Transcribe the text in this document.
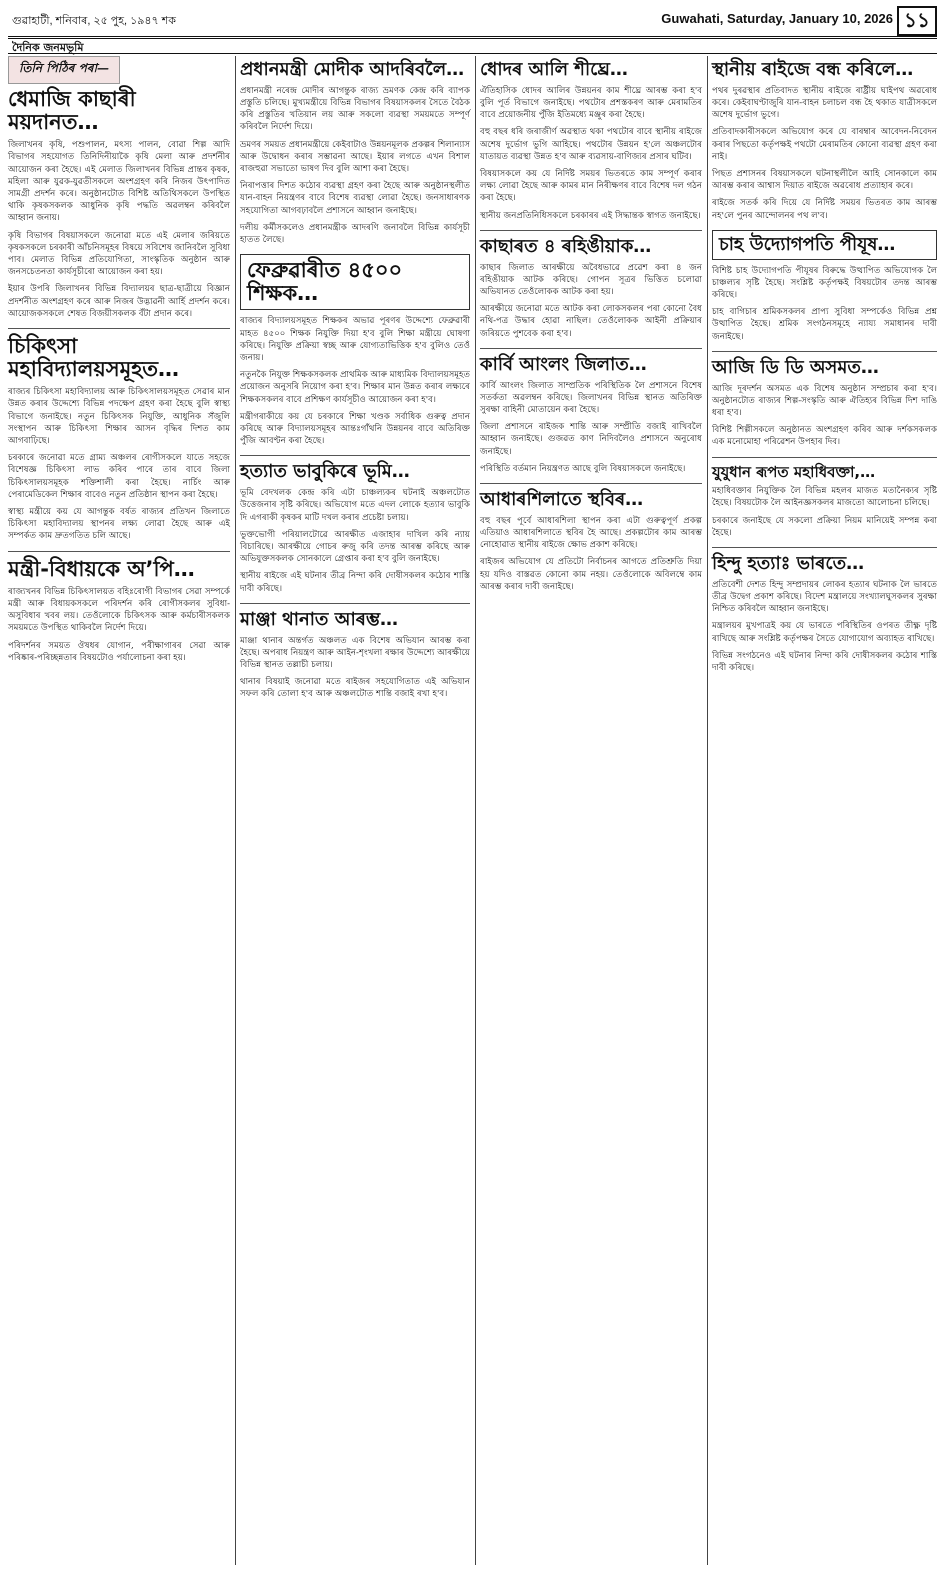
গুৱাহাটী, শনিবাৰ, ২৫ পুহ, ১৯৪৭ শক	Guwahati, Saturday, January 10, 2026 ১১
দৈনিক জনমভূমি
তিনি পিঠিৰ পৰা—
ধেমাজি কাছাৰী ময়দানত…

জিলাখনৰ কৃষি, পশুপালন, মৎস্য পালন, বোৱা শিল্প আদি বিভাগৰ সহযোগত তিনিদিনীয়াকৈ কৃষি মেলা আৰু প্ৰদৰ্শনীৰ আয়োজন কৰা হৈছে। এই মেলাত জিলাখনৰ বিভিন্ন প্ৰান্তৰ কৃষক, মহিলা আৰু যুৱক-যুৱতীসকলে অংশগ্ৰহণ কৰি নিজৰ উৎপাদিত সামগ্ৰী প্ৰদৰ্শন কৰে। অনুষ্ঠানটোত বিশিষ্ট অতিথিসকলে উপস্থিত থাকি কৃষকসকলক আধুনিক কৃষি পদ্ধতি অৱলম্বন কৰিবলৈ আহ্বান জনায়।

কৃষি বিভাগৰ বিষয়াসকলে জনোৱা মতে এই মেলাৰ জৰিয়তে কৃষকসকলে চৰকাৰী আঁচনিসমূহৰ বিষয়ে সবিশেষ জানিবলৈ সুবিধা পাব। মেলাত বিভিন্ন প্ৰতিযোগিতা, সাংস্কৃতিক অনুষ্ঠান আৰু জনসচেতনতা কাৰ্যসূচীৰো আয়োজন কৰা হয়।

ইয়াৰ উপৰি জিলাখনৰ বিভিন্ন বিদ্যালয়ৰ ছাত্ৰ-ছাত্ৰীয়ে বিজ্ঞান প্ৰদৰ্শনীত অংশগ্ৰহণ কৰে আৰু নিজৰ উদ্ভাৱনী আৰ্হি প্ৰদৰ্শন কৰে। আয়োজকসকলে শেষত বিজয়ীসকলক বঁটা প্ৰদান কৰে।

চিকিৎসা মহাবিদ্যালয়সমূহত…

ৰাজ্যৰ চিকিৎসা মহাবিদ্যালয় আৰু চিকিৎসালয়সমূহত সেৱাৰ মান উন্নত কৰাৰ উদ্দেশ্যে বিভিন্ন পদক্ষেপ গ্ৰহণ কৰা হৈছে বুলি স্বাস্থ্য বিভাগে জনাইছে। নতুন চিকিৎসক নিযুক্তি, আধুনিক সঁজুলি সংস্থাপন আৰু চিকিৎসা শিক্ষাৰ আসন বৃদ্ধিৰ দিশত কাম আগবাঢ়িছে।

চৰকাৰে জনোৱা মতে গ্ৰাম্য অঞ্চলৰ ৰোগীসকলে যাতে সহজে বিশেষজ্ঞ চিকিৎসা লাভ কৰিব পাৰে তাৰ বাবে জিলা চিকিৎসালয়সমূহক শক্তিশালী কৰা হৈছে। নাৰ্চিং আৰু পেৰামেডিকেল শিক্ষাৰ বাবেও নতুন প্ৰতিষ্ঠান স্থাপন কৰা হৈছে।

স্বাস্থ্য মন্ত্ৰীয়ে কয় যে আগন্তুক বৰ্ষত ৰাজ্যৰ প্ৰতিখন জিলাতে চিকিৎসা মহাবিদ্যালয় স্থাপনৰ লক্ষ্য লোৱা হৈছে আৰু এই সম্পৰ্কত কাম দ্ৰুতগতিত চলি আছে।

মন্ত্ৰী-বিধায়কে অ’পি…

ৰাজ্যখনৰ বিভিন্ন চিকিৎসালয়ত বহিঃৰোগী বিভাগৰ সেৱা সম্পৰ্কে মন্ত্ৰী আৰু বিধায়কসকলে পৰিদৰ্শন কৰি ৰোগীসকলৰ সুবিধা-অসুবিধাৰ খবৰ লয়। তেওঁলোকে চিকিৎসক আৰু কৰ্মচাৰীসকলক সময়মতে উপস্থিত থাকিবলৈ নিৰ্দেশ দিয়ে।

পৰিদৰ্শনৰ সময়ত ঔষধৰ যোগান, পৰীক্ষাগাৰৰ সেৱা আৰু পৰিষ্কাৰ-পৰিচ্ছন্নতাৰ বিষয়টোও পৰ্যালোচনা কৰা হয়।

প্ৰধানমন্ত্ৰী মোদীক আদৰিবলৈ…

প্ৰধানমন্ত্ৰী নৰেন্দ্ৰ মোদীৰ আগন্তুক ৰাজ্য ভ্ৰমণক কেন্দ্ৰ কৰি ব্যাপক প্ৰস্তুতি চলিছে। মুখ্যমন্ত্ৰীয়ে বিভিন্ন বিভাগৰ বিষয়াসকলৰ সৈতে বৈঠক কৰি প্ৰস্তুতিৰ খতিয়ান লয় আৰু সকলো ব্যৱস্থা সময়মতে সম্পূৰ্ণ কৰিবলৈ নিৰ্দেশ দিয়ে।

ভ্ৰমণৰ সময়ত প্ৰধানমন্ত্ৰীয়ে কেইবাটাও উন্নয়নমূলক প্ৰকল্পৰ শিলান্যাস আৰু উদ্বোধন কৰাৰ সম্ভাৱনা আছে। ইয়াৰ লগতে এখন বিশাল ৰাজহুৱা সভাতো ভাষণ দিব বুলি আশা কৰা হৈছে।

নিৰাপত্তাৰ দিশত কঠোৰ ব্যৱস্থা গ্ৰহণ কৰা হৈছে আৰু অনুষ্ঠানস্থলীত যান-বাহন নিয়ন্ত্ৰণৰ বাবে বিশেষ ব্যৱস্থা লোৱা হৈছে। জনসাধাৰণক সহযোগিতা আগবঢ়াবলৈ প্ৰশাসনে আহ্বান জনাইছে।

দলীয় কৰ্মীসকলেও প্ৰধানমন্ত্ৰীক আদৰণি জনাবলৈ বিভিন্ন কাৰ্যসূচী হাতত লৈছে।

ফেব্ৰুৱাৰীত ৪৫০০ শিক্ষক…

ৰাজ্যৰ বিদ্যালয়সমূহত শিক্ষকৰ অভাৱ পূৰণৰ উদ্দেশ্যে ফেব্ৰুৱাৰী মাহত ৪৫০০ শিক্ষক নিযুক্তি দিয়া হ'ব বুলি শিক্ষা মন্ত্ৰীয়ে ঘোষণা কৰিছে। নিযুক্তি প্ৰক্ৰিয়া স্বচ্ছ আৰু যোগ্যতাভিত্তিক হ'ব বুলিও তেওঁ জনায়।

নতুনকৈ নিযুক্ত শিক্ষকসকলক প্ৰাথমিক আৰু মাধ্যমিক বিদ্যালয়সমূহত প্ৰয়োজন অনুসৰি নিয়োগ কৰা হ'ব। শিক্ষাৰ মান উন্নত কৰাৰ লক্ষ্যৰে শিক্ষকসকলৰ বাবে প্ৰশিক্ষণ কাৰ্যসূচীও আয়োজন কৰা হ'ব।

মন্ত্ৰীগৰাকীয়ে কয় যে চৰকাৰে শিক্ষা খণ্ডক সৰ্বাধিক গুৰুত্ব প্ৰদান কৰিছে আৰু বিদ্যালয়সমূহৰ আন্তঃগাঁথনি উন্নয়নৰ বাবে অতিৰিক্ত পুঁজি আবণ্টন কৰা হৈছে।

হত্যাত ভাবুকিৰে ভূমি…

ভূমি বেদখলক কেন্দ্ৰ কৰি এটা চাঞ্চল্যকৰ ঘটনাই অঞ্চলটোত উত্তেজনাৰ সৃষ্টি কৰিছে। অভিযোগ মতে এদল লোকে হত্যাৰ ভাবুকি দি এগৰাকী কৃষকৰ মাটি দখল কৰাৰ প্ৰচেষ্টা চলায়।

ভুক্তভোগী পৰিয়ালটোৱে আৰক্ষীত এজাহাৰ দাখিল কৰি ন্যায় বিচাৰিছে। আৰক্ষীয়ে গোচৰ ৰুজু কৰি তদন্ত আৰম্ভ কৰিছে আৰু অভিযুক্তসকলক সোনকালে গ্ৰেপ্তাৰ কৰা হ'ব বুলি জনাইছে।

স্থানীয় ৰাইজে এই ঘটনাৰ তীব্ৰ নিন্দা কৰি দোষীসকলৰ কঠোৰ শাস্তি দাবী কৰিছে।

মাঞ্জা থানাত আৰম্ভ…

মাঞ্জা থানাৰ অন্তৰ্গত অঞ্চলত এক বিশেষ অভিযান আৰম্ভ কৰা হৈছে। অপৰাধ নিয়ন্ত্ৰণ আৰু আইন-শৃংখলা ৰক্ষাৰ উদ্দেশ্যে আৰক্ষীয়ে বিভিন্ন স্থানত তল্লাচী চলায়।

থানাৰ বিষয়াই জনোৱা মতে ৰাইজৰ সহযোগিতাত এই অভিযান সফল কৰি তোলা হ'ব আৰু অঞ্চলটোত শান্তি বজাই ৰখা হ'ব।

ধোদৰ আলি শীঘ্ৰে…

ঐতিহাসিক ধোদৰ আলিৰ উন্নয়নৰ কাম শীঘ্ৰে আৰম্ভ কৰা হ'ব বুলি পূৰ্ত বিভাগে জনাইছে। পথটোৰ প্ৰশস্তকৰণ আৰু মেৰামতিৰ বাবে প্ৰয়োজনীয় পুঁজি ইতিমধ্যে মঞ্জুৰ কৰা হৈছে।

বহু বছৰ ধৰি জৰাজীৰ্ণ অৱস্থাত থকা পথটোৰ বাবে স্থানীয় ৰাইজে অশেষ দুৰ্ভোগ ভুগি আহিছে। পথটোৰ উন্নয়ন হ'লে অঞ্চলটোৰ যাতায়ত ব্যৱস্থা উন্নত হ'ব আৰু ব্যৱসায়-বাণিজ্যৰ প্ৰসাৰ ঘটিব।

বিষয়াসকলে কয় যে নিৰ্দিষ্ট সময়ৰ ভিতৰতে কাম সম্পূৰ্ণ কৰাৰ লক্ষ্য লোৱা হৈছে আৰু কামৰ মান নিৰীক্ষণৰ বাবে বিশেষ দল গঠন কৰা হৈছে।

স্থানীয় জনপ্ৰতিনিধিসকলে চৰকাৰৰ এই সিদ্ধান্তক স্বাগত জনাইছে।

কাছাৰত ৪ ৰহিঙীয়াক…

কাছাৰ জিলাত আৰক্ষীয়ে অবৈধভাৱে প্ৰৱেশ কৰা ৪ জন ৰহিঙীয়াক আটক কৰিছে। গোপন সূত্ৰৰ ভিত্তিত চলোৱা অভিযানত তেওঁলোকক আটক কৰা হয়।

আৰক্ষীয়ে জনোৱা মতে আটক কৰা লোকসকলৰ পৰা কোনো বৈধ নথি-পত্ৰ উদ্ধাৰ হোৱা নাছিল। তেওঁলোকক আইনী প্ৰক্ৰিয়াৰ জৰিয়তে পুশবেক কৰা হ'ব।

কাৰ্বি আংলং জিলাত…

কাৰ্বি আংলং জিলাত সাম্প্ৰতিক পৰিস্থিতিক লৈ প্ৰশাসনে বিশেষ সতৰ্কতা অৱলম্বন কৰিছে। জিলাখনৰ বিভিন্ন স্থানত অতিৰিক্ত সুৰক্ষা বাহিনী মোতায়েন কৰা হৈছে।

জিলা প্ৰশাসনে ৰাইজক শান্তি আৰু সম্প্ৰীতি বজাই ৰাখিবলৈ আহ্বান জনাইছে। গুজৱত কাণ নিদিবলৈও প্ৰশাসনে অনুৰোধ জনাইছে।

পৰিস্থিতি বৰ্তমান নিয়ন্ত্ৰণত আছে বুলি বিষয়াসকলে জনাইছে।

আধাৰশিলাতে স্থবিৰ…

বহু বছৰ পূৰ্বে আধাৰশিলা স্থাপন কৰা এটা গুৰুত্বপূৰ্ণ প্ৰকল্প এতিয়াও আধাৰশিলাতে স্থবিৰ হৈ আছে। প্ৰকল্পটোৰ কাম আৰম্ভ নোহোৱাত স্থানীয় ৰাইজে ক্ষোভ প্ৰকাশ কৰিছে।

ৰাইজৰ অভিযোগ যে প্ৰতিটো নিৰ্বাচনৰ আগতে প্ৰতিশ্ৰুতি দিয়া হয় যদিও বাস্তৱত কোনো কাম নহয়। তেওঁলোকে অবিলম্বে কাম আৰম্ভ কৰাৰ দাবী জনাইছে।

স্থানীয় ৰাইজে বন্ধ কৰিলে…

পথৰ দুৰৱস্থাৰ প্ৰতিবাদত স্থানীয় ৰাইজে ৰাষ্ট্ৰীয় ঘাইপথ অৱৰোধ কৰে। কেইবাঘণ্টাজুৰি যান-বাহন চলাচল বন্ধ হৈ থকাত যাত্ৰীসকলে অশেষ দুৰ্ভোগ ভুগে।

প্ৰতিবাদকাৰীসকলে অভিযোগ কৰে যে বাৰম্বাৰ আবেদন-নিবেদন কৰাৰ পিছতো কৰ্তৃপক্ষই পথটো মেৰামতিৰ কোনো ব্যৱস্থা গ্ৰহণ কৰা নাই।

পিছত প্ৰশাসনৰ বিষয়াসকলে ঘটনাস্থলীলৈ আহি সোনকালে কাম আৰম্ভ কৰাৰ আশ্বাস দিয়াত ৰাইজে অৱৰোধ প্ৰত্যাহাৰ কৰে।

ৰাইজে সতৰ্ক কৰি দিয়ে যে নিৰ্দিষ্ট সময়ৰ ভিতৰত কাম আৰম্ভ নহ'লে পুনৰ আন্দোলনৰ পথ ল'ব।

চাহ উদ্যোগপতি পীযূষ…

বিশিষ্ট চাহ উদ্যোগপতি পীযূষৰ বিৰুদ্ধে উত্থাপিত অভিযোগক লৈ চাঞ্চল্যৰ সৃষ্টি হৈছে। সংশ্লিষ্ট কৰ্তৃপক্ষই বিষয়টোৰ তদন্ত আৰম্ভ কৰিছে।

চাহ বাগিচাৰ শ্ৰমিকসকলৰ প্ৰাপ্য সুবিধা সম্পৰ্কেও বিভিন্ন প্ৰশ্ন উত্থাপিত হৈছে। শ্ৰমিক সংগঠনসমূহে ন্যায্য সমাধানৰ দাবী জনাইছে।

আজি ডি ডি অসমত…

আজি দূৰদৰ্শন অসমত এক বিশেষ অনুষ্ঠান সম্প্ৰচাৰ কৰা হ'ব। অনুষ্ঠানটোত ৰাজ্যৰ শিল্প-সংস্কৃতি আৰু ঐতিহ্যৰ বিভিন্ন দিশ দাঙি ধৰা হ'ব।

বিশিষ্ট শিল্পীসকলে অনুষ্ঠানত অংশগ্ৰহণ কৰিব আৰু দৰ্শকসকলক এক মনোমোহা পৰিৱেশন উপহাৰ দিব।

যুযুধান ৰূপত মহাধিবক্তা,…

মহাধিবক্তাৰ নিযুক্তিক লৈ বিভিন্ন মহলৰ মাজত মতানৈক্যৰ সৃষ্টি হৈছে। বিষয়টোক লৈ আইনজ্ঞসকলৰ মাজতো আলোচনা চলিছে।

চৰকাৰে জনাইছে যে সকলো প্ৰক্ৰিয়া নিয়ম মানিয়েই সম্পন্ন কৰা হৈছে।

হিন্দু হত্যাঃ ভাৰতে…

প্ৰতিবেশী দেশত হিন্দু সম্প্ৰদায়ৰ লোকৰ হত্যাৰ ঘটনাক লৈ ভাৰতে তীব্ৰ উদ্বেগ প্ৰকাশ কৰিছে। বিদেশ মন্ত্ৰালয়ে সংখ্যালঘুসকলৰ সুৰক্ষা নিশ্চিত কৰিবলৈ আহ্বান জনাইছে।

মন্ত্ৰালয়ৰ মুখপাত্ৰই কয় যে ভাৰতে পৰিস্থিতিৰ ওপৰত তীক্ষ্ণ দৃষ্টি ৰাখিছে আৰু সংশ্লিষ্ট কৰ্তৃপক্ষৰ সৈতে যোগাযোগ অব্যাহত ৰাখিছে।

বিভিন্ন সংগঠনেও এই ঘটনাৰ নিন্দা কৰি দোষীসকলৰ কঠোৰ শাস্তি দাবী কৰিছে।
